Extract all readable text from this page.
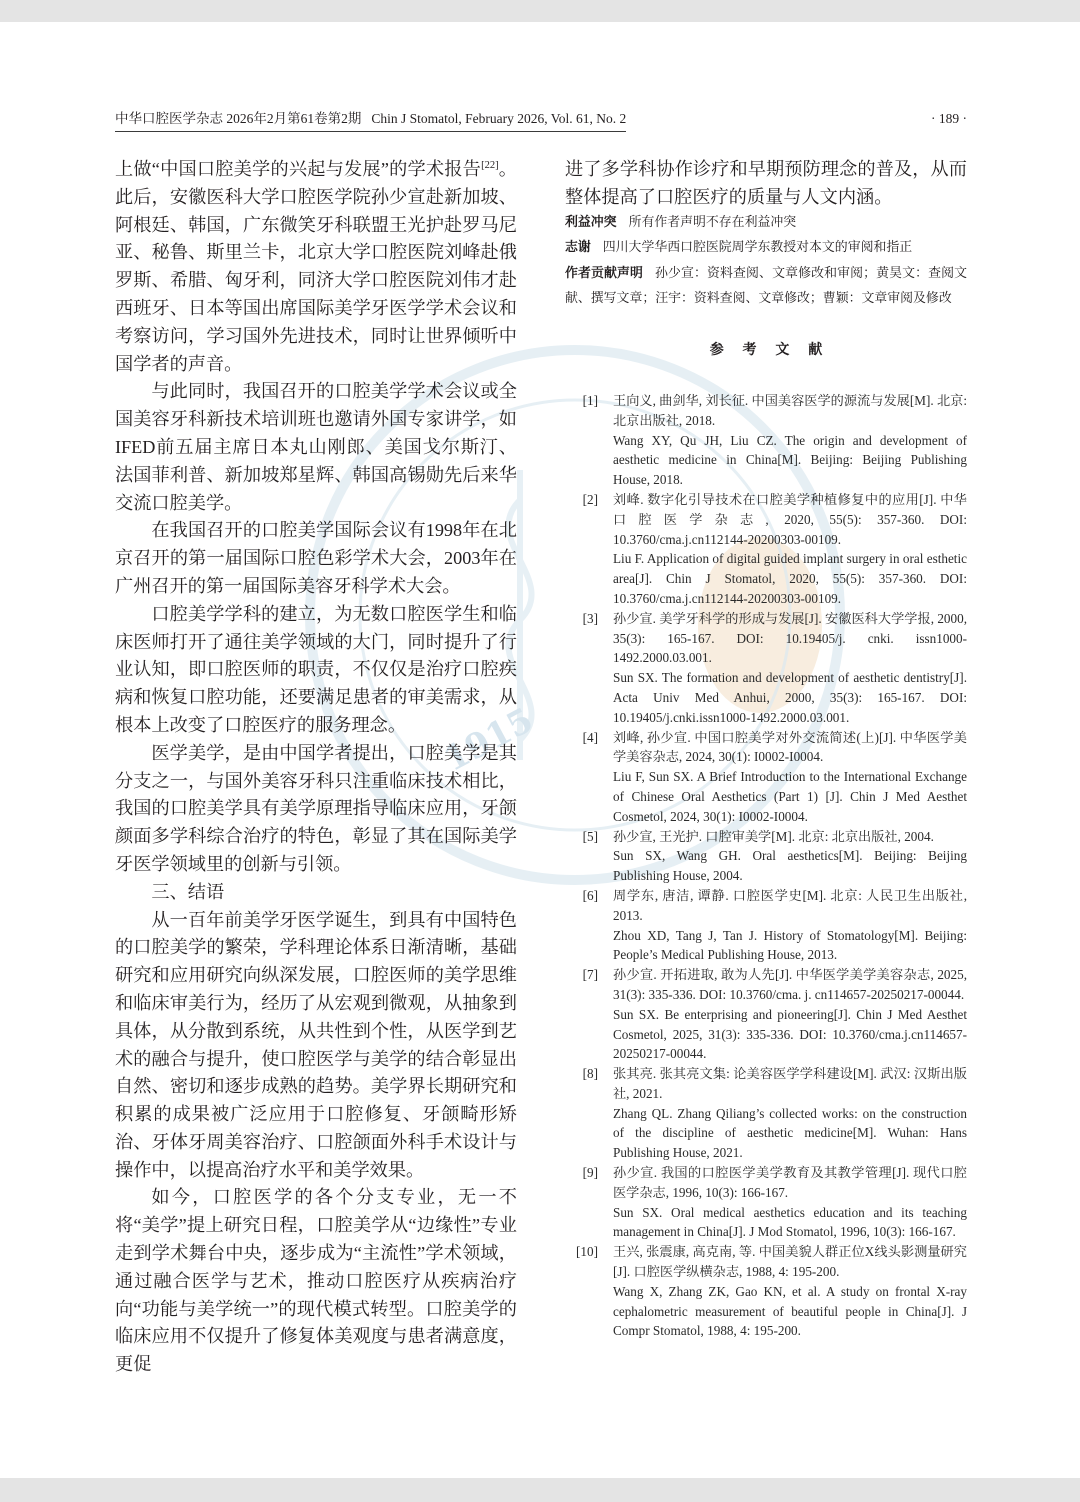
1915
中华口腔医学杂志 2026年2月第61卷第2期 Chin J Stomatol, February 2026, Vol. 61, No. 2	· 189 ·

上做“中国口腔美学的兴起与发展”的学术报告[22]。此后，安徽医科大学口腔医学院孙少宣赴新加坡、阿根廷、韩国，广东微笑牙科联盟王光护赴罗马尼亚、秘鲁、斯里兰卡，北京大学口腔医院刘峰赴俄罗斯、希腊、匈牙利，同济大学口腔医院刘伟才赴西班牙、日本等国出席国际美学牙医学学术会议和考察访问，学习国外先进技术，同时让世界倾听中国学者的声音。

与此同时，我国召开的口腔美学学术会议或全国美容牙科新技术培训班也邀请外国专家讲学，如IFED前五届主席日本丸山刚郎、美国戈尔斯汀、法国菲利普、新加坡郑星辉、韩国高锡勋先后来华交流口腔美学。

在我国召开的口腔美学国际会议有1998年在北京召开的第一届国际口腔色彩学术大会，2003年在广州召开的第一届国际美容牙科学术大会。

口腔美学学科的建立，为无数口腔医学生和临床医师打开了通往美学领域的大门，同时提升了行业认知，即口腔医师的职责，不仅仅是治疗口腔疾病和恢复口腔功能，还要满足患者的审美需求，从根本上改变了口腔医疗的服务理念。

医学美学，是由中国学者提出，口腔美学是其分支之一，与国外美容牙科只注重临床技术相比，我国的口腔美学具有美学原理指导临床应用，牙颌颜面多学科综合治疗的特色，彰显了其在国际美学牙医学领域里的创新与引领。

三、结语

从一百年前美学牙医学诞生，到具有中国特色的口腔美学的繁荣，学科理论体系日渐清晰，基础研究和应用研究向纵深发展，口腔医师的美学思维和临床审美行为，经历了从宏观到微观，从抽象到具体，从分散到系统，从共性到个性，从医学到艺术的融合与提升，使口腔医学与美学的结合彰显出自然、密切和逐步成熟的趋势。美学界长期研究和积累的成果被广泛应用于口腔修复、牙颌畸形矫治、牙体牙周美容治疗、口腔颌面外科手术设计与操作中，以提高治疗水平和美学效果。

如今，口腔医学的各个分支专业，无一不将“美学”提上研究日程，口腔美学从“边缘性”专业走到学术舞台中央，逐步成为“主流性”学术领域，通过融合医学与艺术，推动口腔医疗从疾病治疗向“功能与美学统一”的现代模式转型。口腔美学的临床应用不仅提升了修复体美观度与患者满意度，更促

进了多学科协作诊疗和早期预防理念的普及，从而整体提高了口腔医疗的质量与人文内涵。

利益冲突 所有作者声明不存在利益冲突

志谢 四川大学华西口腔医院周学东教授对本文的审阅和指正

作者贡献声明 孙少宣：资料查阅、文章修改和审阅；黄昊文：查阅文献、撰写文章；汪宇：资料查阅、文章修改；曹颖：文章审阅及修改

参 考 文 献
[1] 王向义, 曲剑华, 刘长征. 中国美容医学的源流与发展[M]. 北京: 北京出版社, 2018.
Wang XY, Qu JH, Liu CZ. The origin and development of aesthetic medicine in China[M]. Beijing: Beijing Publishing House, 2018.
[2] 刘峰. 数字化引导技术在口腔美学种植修复中的应用[J]. 中华口腔医学杂志, 2020, 55(5): 357-360. DOI: 10.3760/cma.j.cn112144-20200303-00109.
Liu F. Application of digital guided implant surgery in oral esthetic area[J]. Chin J Stomatol, 2020, 55(5): 357-360. DOI: 10.3760/cma.j.cn112144-20200303-00109.
[3] 孙少宣. 美学牙科学的形成与发展[J]. 安徽医科大学学报, 2000, 35(3): 165-167. DOI: 10.19405/j. cnki. issn1000-1492.2000.03.001.
Sun SX. The formation and development of aesthetic dentistry[J]. Acta Univ Med Anhui, 2000, 35(3): 165-167. DOI: 10.19405/j.cnki.issn1000-1492.2000.03.001.
[4] 刘峰, 孙少宣. 中国口腔美学对外交流简述(上)[J]. 中华医学美学美容杂志, 2024, 30(1): I0002-I0004.
Liu F, Sun SX. A Brief Introduction to the International Exchange of Chinese Oral Aesthetics (Part 1) [J]. Chin J Med Aesthet Cosmetol, 2024, 30(1): I0002-I0004.
[5] 孙少宣, 王光护. 口腔审美学[M]. 北京: 北京出版社, 2004.
Sun SX, Wang GH. Oral aesthetics[M]. Beijing: Beijing Publishing House, 2004.
[6] 周学东, 唐洁, 谭静. 口腔医学史[M]. 北京: 人民卫生出版社, 2013.
Zhou XD, Tang J, Tan J. History of Stomatology[M]. Beijing: People’s Medical Publishing House, 2013.
[7] 孙少宣. 开拓进取, 敢为人先[J]. 中华医学美学美容杂志, 2025, 31(3): 335-336. DOI: 10.3760/cma. j. cn114657-20250217-00044.
Sun SX. Be enterprising and pioneering[J]. Chin J Med Aesthet Cosmetol, 2025, 31(3): 335-336. DOI: 10.3760/cma.j.cn114657-20250217-00044.
[8] 张其亮. 张其亮文集: 论美容医学学科建设[M]. 武汉: 汉斯出版社, 2021.
Zhang QL. Zhang Qiliang’s collected works: on the construction of the discipline of aesthetic medicine[M]. Wuhan: Hans Publishing House, 2021.
[9] 孙少宣. 我国的口腔医学美学教育及其教学管理[J]. 现代口腔医学杂志, 1996, 10(3): 166-167.
Sun SX. Oral medical aesthetics education and its teaching management in China[J]. J Mod Stomatol, 1996, 10(3): 166-167.
[10] 王兴, 张震康, 高克南, 等. 中国美貌人群正位X线头影测量研究[J]. 口腔医学纵横杂志, 1988, 4: 195-200.
Wang X, Zhang ZK, Gao KN, et al. A study on frontal X-ray cephalometric measurement of beautiful people in China[J]. J Compr Stomatol, 1988, 4: 195-200.
